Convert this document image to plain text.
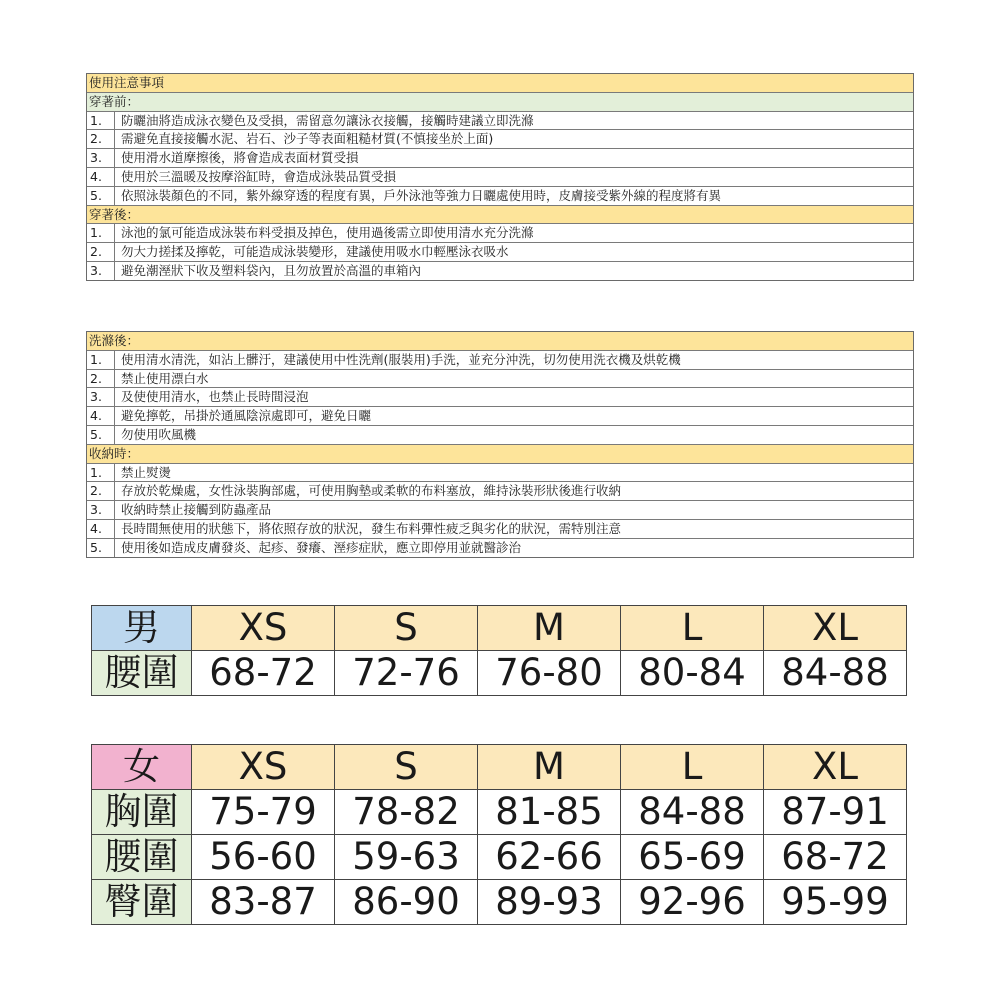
使用注意事項
穿著前：
1.	防曬油將造成泳衣變色及受損，需留意勿讓泳衣接觸，接觸時建議立即洗滌
2.	需避免直接接觸水泥、岩石、沙子等表面粗糙材質(不慎接坐於上面)
3.	使用滑水道摩擦後，將會造成表面材質受損
4.	使用於三溫暖及按摩浴缸時，會造成泳裝品質受損
5.	依照泳裝顏色的不同，紫外線穿透的程度有異，戶外泳池等強力日曬處使用時，皮膚接受紫外線的程度將有異
穿著後：
1.	泳池的氯可能造成泳裝布料受損及掉色，使用過後需立即使用清水充分洗滌
2.	勿大力搓揉及擰乾，可能造成泳裝變形，建議使用吸水巾輕壓泳衣吸水
3.	避免潮溼狀下收及塑料袋內，且勿放置於高溫的車箱內
洗滌後：
1.	使用清水清洗，如沾上髒汙，建議使用中性洗劑(服裝用)手洗，並充分沖洗，切勿使用洗衣機及烘乾機
2.	禁止使用漂白水
3.	及使使用清水，也禁止長時間浸泡
4.	避免擰乾，吊掛於通風陰涼處即可，避免日曬
5.	勿使用吹風機
收納時：
1.	禁止熨燙
2.	存放於乾燥處，女性泳裝胸部處，可使用胸墊或柔軟的布料塞放，維持泳裝形狀後進行收納
3.	收納時禁止接觸到防蟲產品
4.	長時間無使用的狀態下，將依照存放的狀況，發生布料彈性疲乏與劣化的狀況，需特別注意
5.	使用後如造成皮膚發炎、起疹、發癢、溼疹症狀，應立即停用並就醫診治
男	XS	S	M	L	XL
腰圍	68-72	72-76	76-80	80-84	84-88
女	XS	S	M	L	XL
胸圍	75-79	78-82	81-85	84-88	87-91
腰圍	56-60	59-63	62-66	65-69	68-72
臀圍	83-87	86-90	89-93	92-96	95-99
